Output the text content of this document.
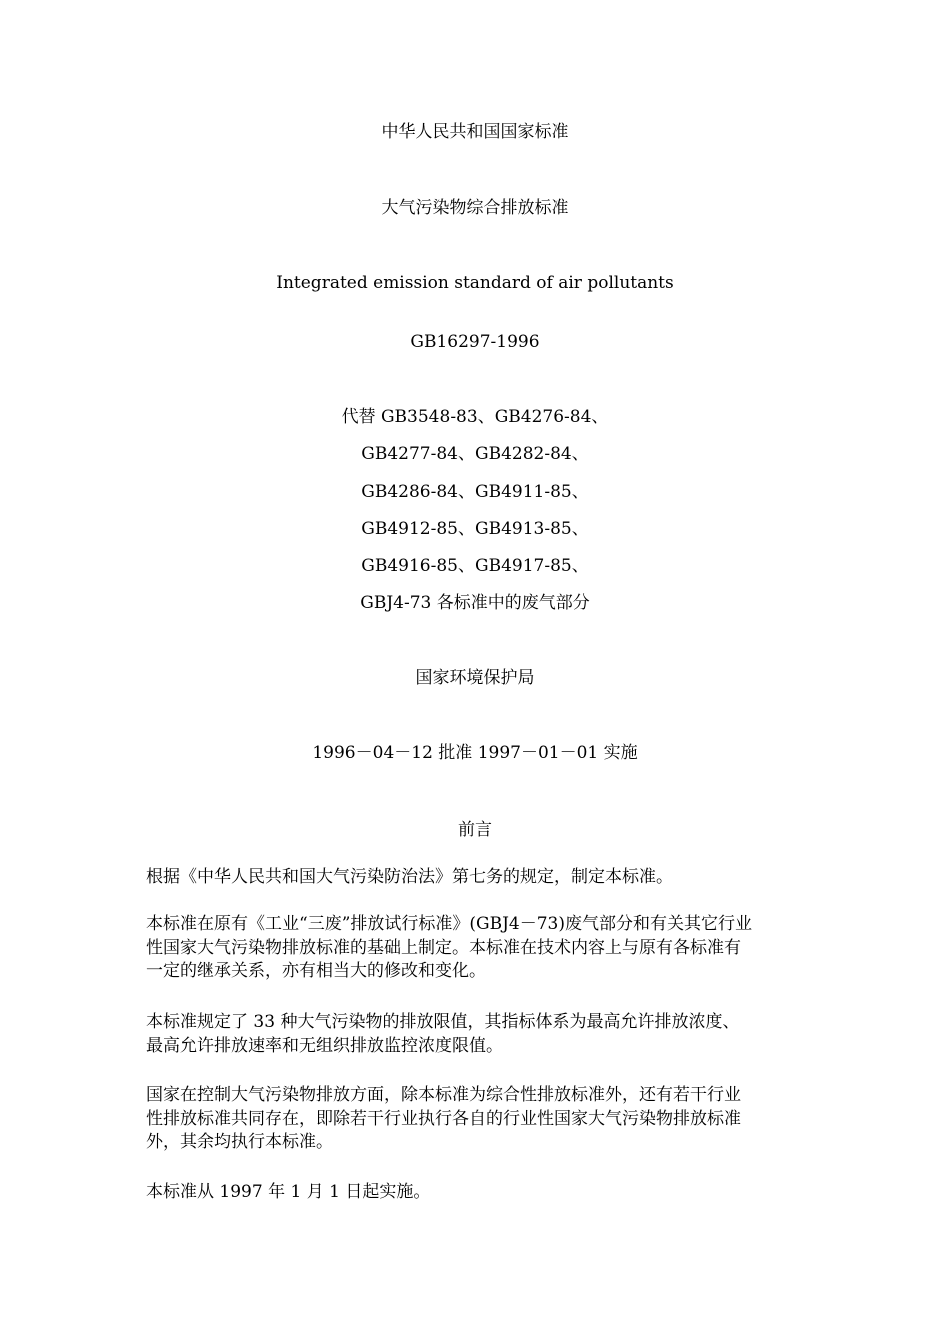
中华人民共和国国家标准
大气污染物综合排放标准
Integrated emission standard of air pollutants
GB16297-1996
代替 GB3548-83、GB4276-84、
GB4277-84、GB4282-84、
GB4286-84、GB4911-85、
GB4912-85、GB4913-85、
GB4916-85、GB4917-85、
GBJ4-73 各标准中的废气部分
国家环境保护局
1996－04－12 批准 1997－01－01 实施
前言
根据《中华人民共和国大气污染防治法》第七务的规定，制定本标准。
本标准在原有《工业“三废”排放试行标准》(GBJ4－73)废气部分和有关其它行业
性国家大气污染物排放标准的基础上制定。本标准在技术内容上与原有各标准有
一定的继承关系，亦有相当大的修改和变化。
本标准规定了 33 种大气污染物的排放限值，其指标体系为最高允许排放浓度、
最高允许排放速率和无组织排放监控浓度限值。
国家在控制大气污染物排放方面，除本标准为综合性排放标准外，还有若干行业
性排放标准共同存在，即除若干行业执行各自的行业性国家大气污染物排放标准
外，其余均执行本标准。
本标准从 1997 年 1 月 1 日起实施。
